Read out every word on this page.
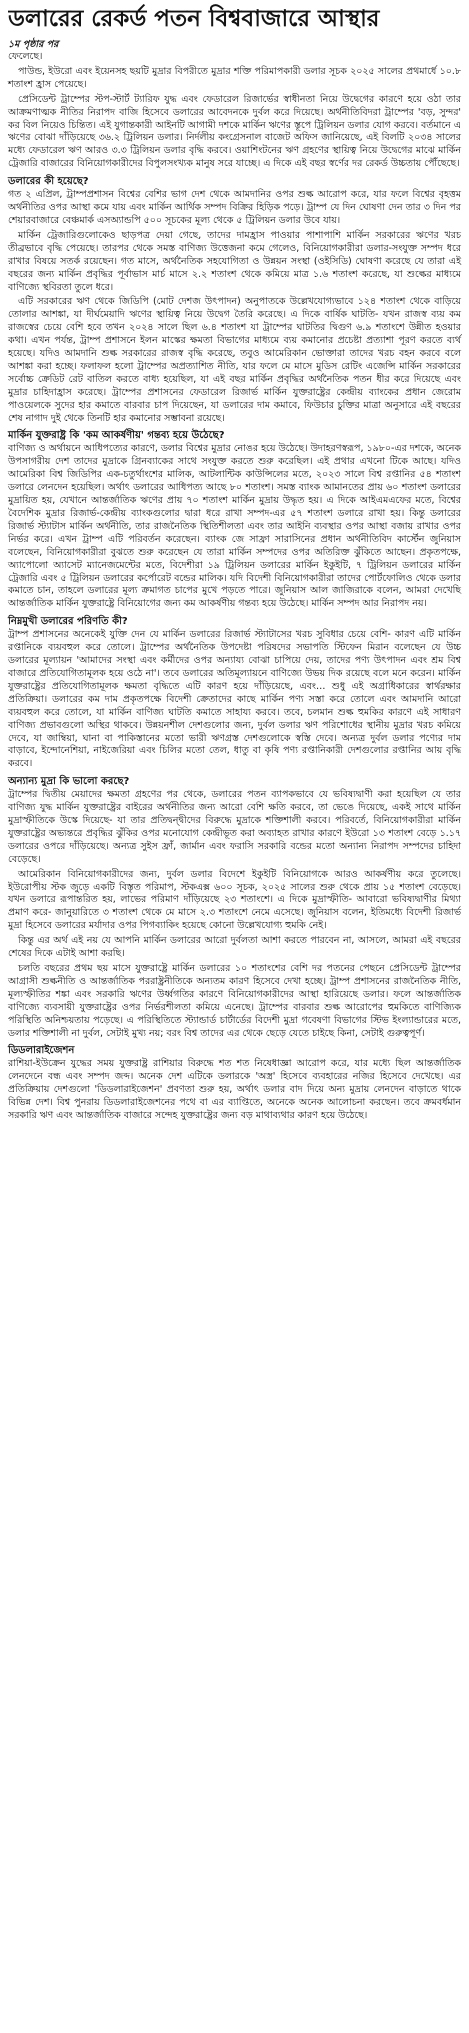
ডলারের রেকর্ড পতন বিশ্ববাজারে আস্থার

১ম পৃষ্ঠার পর

ফেলেছে।

পাউন্ড, ইউরো এবং ইয়েনসহ ছয়টি মুদ্রার বিপরীতে মুদ্রার শক্তি পরিমাপকারী ডলার সূচক ২০২৫ সালের প্রথমার্ধে ১০.৮ শতাংশ হ্রাস পেয়েছে।

প্রেসিডেন্ট ট্রাম্পের স্টপ-স্টার্ট ট্যারিফ যুদ্ধ এবং ফেডারেল রিজার্ভের স্বাধীনতা নিয়ে উদ্বেগের কারণে হয়ে ওঠা তার আক্রমণাত্মক নীতির নিরাপদ বাজি হিসেবে ডলারের আবেদনকে দুর্বল করে দিয়েছে। অর্থনীতিবিদরা ট্রাম্পের 'বড়, সুন্দর' কর বিল নিয়েও চিন্তিত। এই যুগান্তকারী আইনটি আগামী দশকে মার্কিন ঋণের স্তূপে ট্রিলিয়ন ডলার যোগ করবে। বর্তমানে এ ঋণের বোঝা দাঁড়িয়েছে ৩৬.২ ট্রিলিয়ন ডলার। নির্দলীয় কংগ্রেসনাল বাজেট অফিস জানিয়েছে, এই বিলটি ২০৩৪ সালের মধ্যে ফেডারেল ঋণ আরও ৩.৩ ট্রিলিয়ন ডলার বৃদ্ধি করবে। ওয়াশিংটনের ঋণ গ্রহণের স্থায়িত্ব নিয়ে উদ্বেগের মাঝে মার্কিন ট্রেজারি বাজারের বিনিয়োগকারীদের বিপুলসংখ্যক মানুষ সরে যাচ্ছে। এ দিকে এই বছর স্বর্ণের দর রেকর্ড উচ্চতায় পৌঁছেছে।

ডলারের কী হয়েছে?

গত ২ এপ্রিল, ট্রাম্পপ্রশাসন বিশ্বের বেশির ভাগ দেশ থেকে আমদানির ওপর শুল্ক আরোপ করে, যার ফলে বিশ্বের বৃহত্তম অর্থনীতির ওপর আস্থা কমে যায় এবং মার্কিন আর্থিক সম্পদ বিক্রির হিড়িক পড়ে। ট্রাম্প যে দিন ঘোষণা দেন তার ৩ দিন পর শেয়ারবাজারে বেঞ্চমার্ক এসঅ্যান্ডপি ৫০০ সূচকের মূল্য থেকে ৫ ট্রিলিয়ন ডলার উবে যায়।

মার্কিন ট্রেজারিগুলোকেও ছাড়পত্র দেয়া গেছে, তাদের দামহ্রাস পাওয়ার পাশাপাশি মার্কিন সরকারের ঋণের খরচ তীব্রভাবে বৃদ্ধি পেয়েছে। তারপর থেকে সমস্ত বাণিজ্য উত্তেজনা কমে গেলেও, বিনিয়োগকারীরা ডলার-সংযুক্ত সম্পদ ধরে রাখার বিষয়ে সতর্ক রয়েছেন। গত মাসে, অর্থনৈতিক সহযোগিতা ও উন্নয়ন সংস্থা (ওইসিডি) ঘোষণা করেছে যে তারা এই বছরের জন্য মার্কিন প্রবৃদ্ধির পূর্বাভাস মার্চ মাসে ২.২ শতাংশ থেকে কমিয়ে মাত্র ১.৬ শতাংশ করেছে, যা শুল্কের মাধ্যমে বাণিজ্যে স্থবিরতা তুলে ধরে।

এটি সরকারের ঋণ থেকে জিডিপি (মোট দেশজ উৎপাদন) অনুপাতকে উল্লেখযোগ্যভাবে ১২৪ শতাংশ থেকে বাড়িয়ে তোলার আশঙ্কা, যা দীর্ঘমেয়াদি ঋণের স্থায়িত্ব নিয়ে উদ্বেগ তৈরি করেছে। এ দিকে বার্ষিক ঘাটতি- যখন রাজস্ব ব্যয় কম রাজস্বের চেয়ে বেশি হবে তখন ২০২৪ সালে ছিল ৬.৪ শতাংশ যা ট্রাম্পের ঘাটতির দ্বিগুণ ৬.৯ শতাংশে উন্নীত হওয়ার কথা। এখন পর্যন্ত, ট্রাম্প প্রশাসনে ইলন মাস্কের ক্ষমতা বিভাগের মাধ্যমে ব্যয় কমানোর প্রচেষ্টা প্রত্যাশা পূরণ করতে ব্যর্থ হয়েছে। যদিও আমদানি শুল্ক সরকারের রাজস্ব বৃদ্ধি করেছে, তবুও আমেরিকান ভোক্তারা তাদের খরচ বহন করবে বলে আশঙ্কা করা হচ্ছে। ফলাফল হলো ট্রাম্পের অপ্রত্যাশিত নীতি, যার ফলে মে মাসে মুডিস রেটিং এজেন্সি মার্কিন সরকারের সর্বোচ্চ ক্রেডিট রেট বাতিল করতে বাধ্য হয়েছিল, যা এই বছর মার্কিন প্রবৃদ্ধির অর্থনৈতিক পতন ধীর করে দিয়েছে এবং মুদ্রার চাহিদাহ্রাস করেছে। ট্রাম্পের প্রশাসনের ফেডারেল রিজার্ভ মার্কিন যুক্তরাষ্ট্রের কেন্দ্রীয় ব্যাংকের প্রধান জেরোম পাওয়েলকে সুদের হার কমাতে বারবার চাপ দিয়েছেন, যা ডলারের দাম কমাবে, ফিউচার চুক্তির মাত্রা অনুসারে এই বছরের শেষ নাগাদ দুই থেকে তিনটি হার কমানোর সম্ভাবনা রয়েছে।

মার্কিন যুক্তরাষ্ট্র কি 'কম আকর্ষণীয়' গন্তব্য হয়ে উঠেছে?

বাণিজ্য ও অর্থায়নে আধিপত্যের কারণে, ডলার বিশ্বের মুদ্রার নোঙর হয়ে উঠেছে। উদাহরণস্বরূপ, ১৯৮০-এর দশকে, অনেক উপসাগরীয় দেশ তাদের মুদ্রাকে গ্রিনব্যাকের সাথে সংযুক্ত করতে শুরু করেছিল। এই প্রথার এখনো টিকে আছে। যদিও আমেরিকা বিশ্ব জিডিপির এক-চতুর্থাংশের মালিক, আটলান্টিক কাউন্সিলের মতে, ২০২৩ সালে বিশ্ব রপ্তানির ৫৪ শতাংশ ডলারে লেনদেন হয়েছিল। অর্থাৎ ডলারের আধিপত্য আছে ৮০ শতাংশ। সমস্ত ব্যাংক আমানতের প্রায় ৬০ শতাংশ ডলারের মুদ্রায়িত হয়, যেখানে আন্তর্জাতিক ঋণের প্রায় ৭০ শতাংশ মার্কিন মুদ্রায় উদ্ধৃত হয়। এ দিকে আইএমএফের মতে, বিশ্বের বৈদেশিক মুদ্রার রিজার্ভ-কেন্দ্রীয় ব্যাংকগুলোর দ্বারা ধরে রাখা সম্পদ-এর ৫৭ শতাংশ ডলারে রাখা হয়। কিন্তু ডলারের রিজার্ভ স্ট্যাটাস মার্কিন অর্থনীতি, তার রাজনৈতিক স্থিতিশীলতা এবং তার আইনি ব্যবস্থার ওপর আস্থা বজায় রাখার ওপর নির্ভর করে। এখন ট্রাম্প এটি পরিবর্তন করেছেন। ব্যাংক জে সাফ্রা সারাসিনের প্রধান অর্থনীতিবিদ কার্স্টেন জুনিয়াস বলেছেন, বিনিয়োগকারীরা বুঝতে শুরু করেছেন যে তারা মার্কিন সম্পদের ওপর অতিরিক্ত ঝুঁকিতে আছেন। প্রকৃতপক্ষে, অ্যাপোলো অ্যাসেট ম্যানেজমেন্টের মতে, বিদেশীরা ১৯ ট্রিলিয়ন ডলারের মার্কিন ইকুইটি, ৭ ট্রিলিয়ন ডলারের মার্কিন ট্রেজারি এবং ৫ ট্রিলিয়ন ডলারের কর্পোরেট বন্ডের মালিক। যদি বিদেশী বিনিয়োগকারীরা তাদের পোর্টফোলিও থেকে ডলার কমাতে চান, তাহলে ডলারের মূল্য ক্রমাগত চাপের মুখে পড়তে পারে। জুনিয়াস আল জাজিরাকে বলেন, আমরা দেখেছি আন্তর্জাতিক মার্কিন যুক্তরাষ্ট্রে বিনিয়োগের জন্য কম আকর্ষণীয় গন্তব্য হয়ে উঠেছে। মার্কিন সম্পদ আর নিরাপদ নয়।

নিম্নমুখী ডলারের পরিণতি কী?

ট্রাম্প প্রশাসনের অনেকেই যুক্তি দেন যে মার্কিন ডলারের রিজার্ভ স্ট্যাটাসের খরচ সুবিধার চেয়ে বেশি- কারণ এটি মার্কিন রপ্তানিকে ব্যয়বহুল করে তোলে। ট্রাম্পের অর্থনৈতিক উপদেষ্টা পরিষদের সভাপতি স্টিফেন মিরান বলেছেন যে উচ্চ ডলারের মূল্যায়ন 'আমাদের সংস্থা এবং কর্মীদের ওপর অন্যায্য বোঝা চাপিয়ে দেয়, তাদের পণ্য উৎপাদন এবং শ্রম বিশ্ব বাজারে প্রতিযোগিতামূলক হয়ে ওঠে না'। তবে ডলারের অতিমূল্যায়নে বাণিজ্যে উভয় দিক রয়েছে বলে মনে করেন। মার্কিন যুক্তরাষ্ট্রের প্রতিযোগিতামূলক ক্ষমতা বৃদ্ধিতে এটি কারণ হয়ে দাঁড়িয়েছে, এবং… শুধু এই অগ্রাধিকারের স্বার্থরক্ষার প্রতিক্রিয়া। ডলারের কম দাম প্রকৃতপক্ষে বিদেশী ক্রেতাদের কাছে মার্কিন পণ্য সস্তা করে তোলে এবং আমদানি আরো ব্যয়বহুল করে তোলে, যা মার্কিন বাণিজ্য ঘাটতি কমাতে সাহায্য করবে। তবে, চলমান শুল্ক হুমকির কারণে এই সাধারণ বাণিজ্য প্রভাবগুলো অস্থির থাকবে। উন্নয়নশীল দেশগুলোর জন্য, দুর্বল ডলার ঋণ পরিশোধের স্থানীয় মুদ্রার খরচ কমিয়ে দেবে, যা জাম্বিয়া, ঘানা বা পাকিস্তানের মতো ভারী ঋণগ্রস্ত দেশগুলোকে স্বস্তি দেবে। অন্যত্র দুর্বল ডলার পণ্যের দাম বাড়াবে, ইন্দোনেশিয়া, নাইজেরিয়া এবং চিলির মতো তেল, ধাতু বা কৃষি পণ্য রপ্তানিকারী দেশগুলোর রপ্তানির আয় বৃদ্ধি করবে।

অন্যান্য মুদ্রা কি ভালো করছে?

ট্রাম্পের দ্বিতীয় মেয়াদের ক্ষমতা গ্রহণের পর থেকে, ডলারের পতন ব্যাপকভাবে যে ভবিষ্যদ্বাণী করা হয়েছিল যে তার বাণিজ্য যুদ্ধ মার্কিন যুক্তরাষ্ট্রের বাইরের অর্থনীতির জন্য আরো বেশি ক্ষতি করবে, তা ভেঙে দিয়েছে, একই সাথে মার্কিন মুদ্রাস্ফীতিকে উস্কে দিয়েছে- যা তার প্রতিদ্বন্দ্বীদের বিরুদ্ধে মুদ্রাকে শক্তিশালী করবে। পরিবর্তে, বিনিয়োগকারীরা মার্কিন যুক্তরাষ্ট্রের অভ্যন্তরে প্রবৃদ্ধির ঝুঁকির ওপর মনোযোগ কেন্দ্রীভূত করা অব্যাহত রাখার কারণে ইউরো ১৩ শতাংশ বেড়ে ১.১৭ ডলারের ওপরে দাঁড়িয়েছে। অন্যত্র সুইস ফ্রাঁ, জার্মান এবং ফরাসি সরকারি বন্ডের মতো অন্যান্য নিরাপদ সম্পদের চাহিদা বেড়েছে।

আমেরিকান বিনিয়োগকারীদের জন্য, দুর্বল ডলার বিদেশে ইকুইটি বিনিয়োগকে আরও আকর্ষণীয় করে তুলেছে। ইউরোপীয় স্টক জুড়ে একটি বিস্তৃত পরিমাপ, স্টকএক্স ৬০০ সূচক, ২০২৫ সালের শুরু থেকে প্রায় ১৫ শতাংশ বেড়েছে। যখন ডলারে রূপান্তরিত হয়, লাভের পরিমাণ দাঁড়িয়েছে ২৩ শতাংশে। এ দিকে মুদ্রাস্ফীতি- আবারো ভবিষ্যদ্বাণীর মিথ্যা প্রমাণ করে- জানুয়ারিতে ৩ শতাংশ থেকে মে মাসে ২.৩ শতাংশে নেমে এসেছে। জুনিয়াস বলেন, ইতিমধ্যে বিদেশী রিজার্ভ মুদ্রা হিসেবে ডলারের মর্যাদার ওপর পিগব্যাকিং হয়েছে কোনো উল্লেখযোগ্য হুমকি নেই।

কিন্তু এর অর্থ এই নয় যে আপনি মার্কিন ডলারের আরো দুর্বলতা আশা করতে পারবেন না, আসলে, আমরা এই বছরের শেষের দিকে এটাই আশা করছি।

চলতি বছরের প্রথম ছয় মাসে যুক্তরাষ্ট্রে মার্কিন ডলারের ১০ শতাংশের বেশি দর পতনের পেছনে প্রেসিডেন্ট ট্রাম্পের আগ্রাসী শুল্কনীতি ও আন্তর্জাতিক পররাষ্ট্রনীতিকে অন্যতম কারণ হিসেবে দেখা হচ্ছে। ট্রাম্প প্রশাসনের রাজনৈতিক নীতি, মূল্যস্ফীতির শঙ্কা এবং সরকারি ঋণের উর্ধ্বগতির কারণে বিনিয়োগকারীদের আস্থা হারিয়েছে ডলার। ফলে আন্তর্জাতিক বাণিজ্যে ব্যবসায়ী যুক্তরাষ্ট্রের ওপর নির্ভরশীলতা কমিয়ে এনেছে। ট্রাম্পের বারবার শুল্ক আরোপের হুমকিতে বাণিজ্যিক পরিস্থিতি অনিশ্চয়তায় পড়েছে। এ পরিস্থিতিতে স্ট্যান্ডার্ড চার্টার্ডের বিদেশী মুদ্রা গবেষণা বিভাগের স্টিভ ইংল্যান্ডারের মতে, ডলার শক্তিশালী না দুর্বল, সেটাই মুখ্য নয়; বরং বিশ্ব তাদের এর থেকে ছেড়ে যেতে চাইছে কিনা, সেটাই গুরুত্বপূর্ণ।

ডিডলারাইজেশন

রাশিয়া-ইউক্রেন যুদ্ধের সময় যুক্তরাষ্ট্র রাশিয়ার বিরুদ্ধে শত শত নিষেধাজ্ঞা আরোপ করে, যার মধ্যে ছিল আন্তর্জাতিক লেনদেনে বন্ধ এবং সম্পদ জব্দ। অনেক দেশ এটিকে ডলারকে 'অস্ত্র' হিসেবে ব্যবহারের নজির হিসেবে দেখেছে। এর প্রতিক্রিয়ায় দেশগুলো 'ডিডলারাইজেশন' প্রবণতা শুরু হয়, অর্থাৎ ডলার বাদ দিয়ে অন্য মুদ্রায় লেনদেন বাড়াতে থাকে বিভিন্ন দেশ। বিশ্ব পুনরায় ডিডলারাইজেশনের পথে বা এর ব্যাপ্তিতে, অনেকে অনেক আলোচনা করছেন। তবে ক্রমবর্ধমান সরকারি ঋণ এবং আন্তর্জাতিক বাজারে সন্দেহ যুক্তরাষ্ট্রের জন্য বড় মাথাব্যথার কারণ হয়ে উঠেছে।
